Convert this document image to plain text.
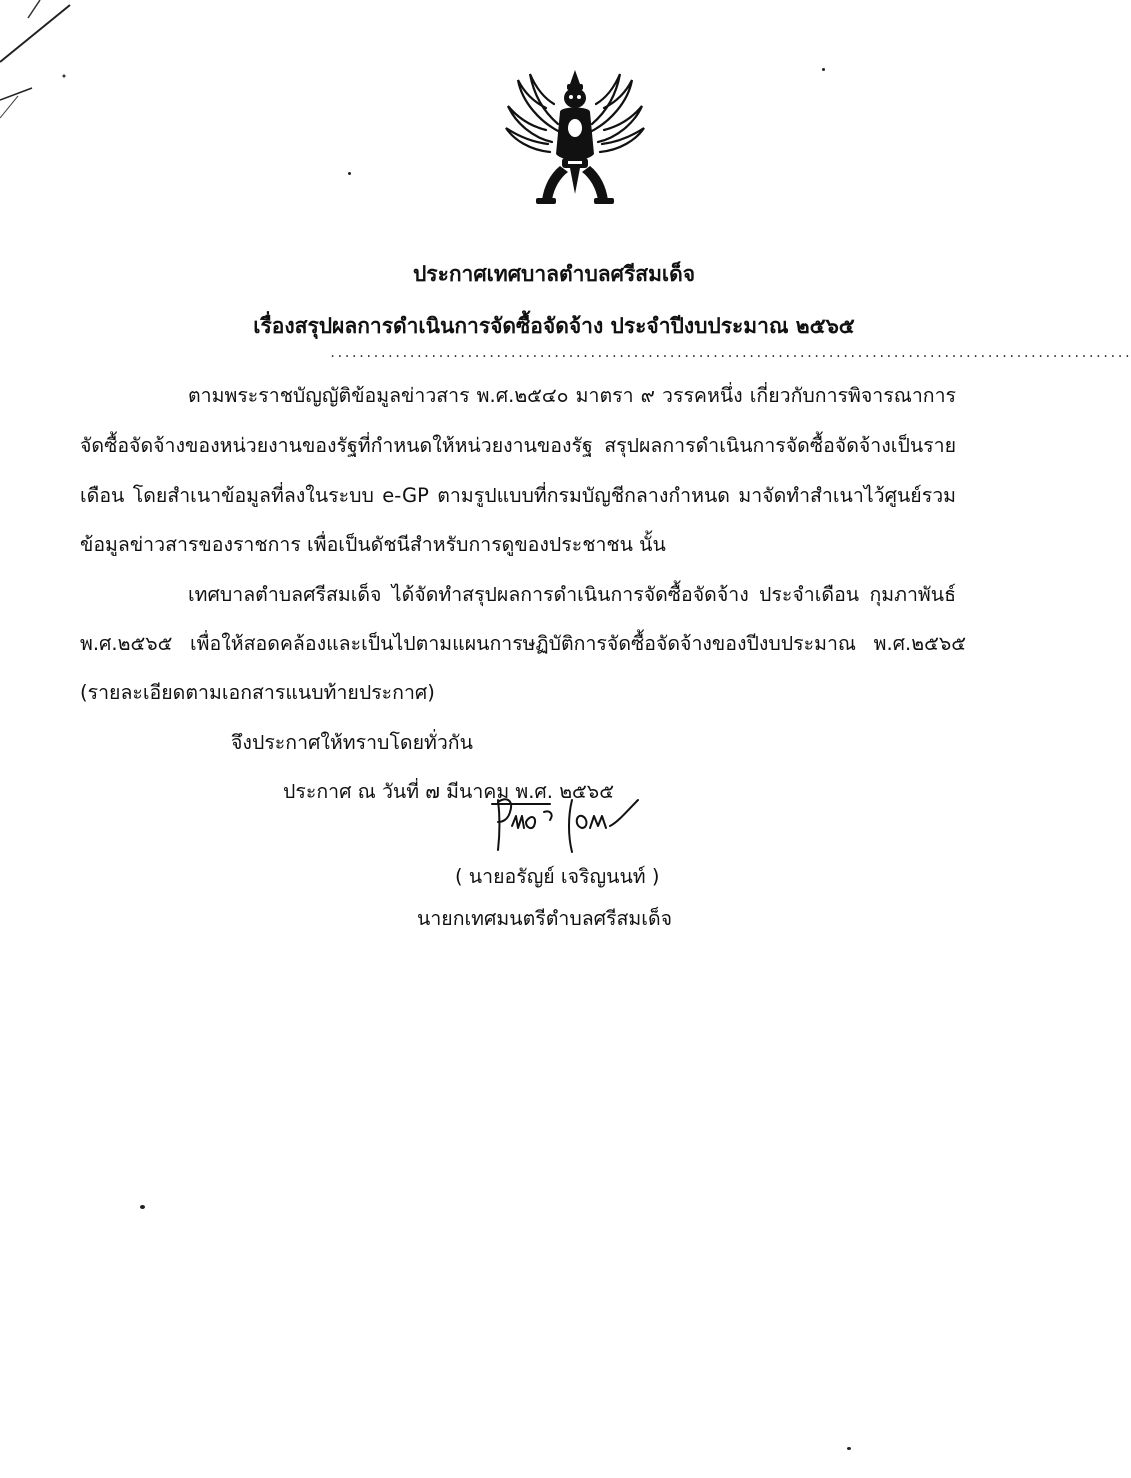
ประกาศเทศบาลตำบลศรีสมเด็จ
เรื่องสรุปผลการดำเนินการจัดซื้อจัดจ้าง ประจำปีงบประมาณ ๒๕๖๕
...............................................................................................................
ตามพระราชบัญญัติข้อมูลข่าวสาร พ.ศ.๒๕๔๐ มาตรา ๙ วรรคหนึ่ง เกี่ยวกับการพิจารณาการ
จัดซื้อจัดจ้างของหน่วยงานของรัฐที่กำหนดให้หน่วยงานของรัฐ สรุปผลการดำเนินการจัดซื้อจัดจ้างเป็นราย
เดือน โดยสำเนาข้อมูลที่ลงในระบบ e-GP ตามรูปแบบที่กรมบัญชีกลางกำหนด มาจัดทำสำเนาไว้ศูนย์รวม
ข้อมูลข่าวสารของราชการ เพื่อเป็นดัชนีสำหรับการดูของประชาชน นั้น
เทศบาลตำบลศรีสมเด็จ ได้จัดทำสรุปผลการดำเนินการจัดซื้อจัดจ้าง ประจำเดือน กุมภาพันธ์
พ.ศ.๒๕๖๕ เพื่อให้สอดคล้องและเป็นไปตามแผนการษฏิบัติการจัดซื้อจัดจ้างของปีงบประมาณ พ.ศ.๒๕๖๕
(รายละเอียดตามเอกสารแนบท้ายประกาศ)
จึงประกาศให้ทราบโดยทั่วกัน
ประกาศ ณ วันที่ ๗ มีนาคม พ.ศ. ๒๕๖๕
( นายอรัญย์ เจริญนนท์ )
นายกเทศมนตรีตำบลศรีสมเด็จ
